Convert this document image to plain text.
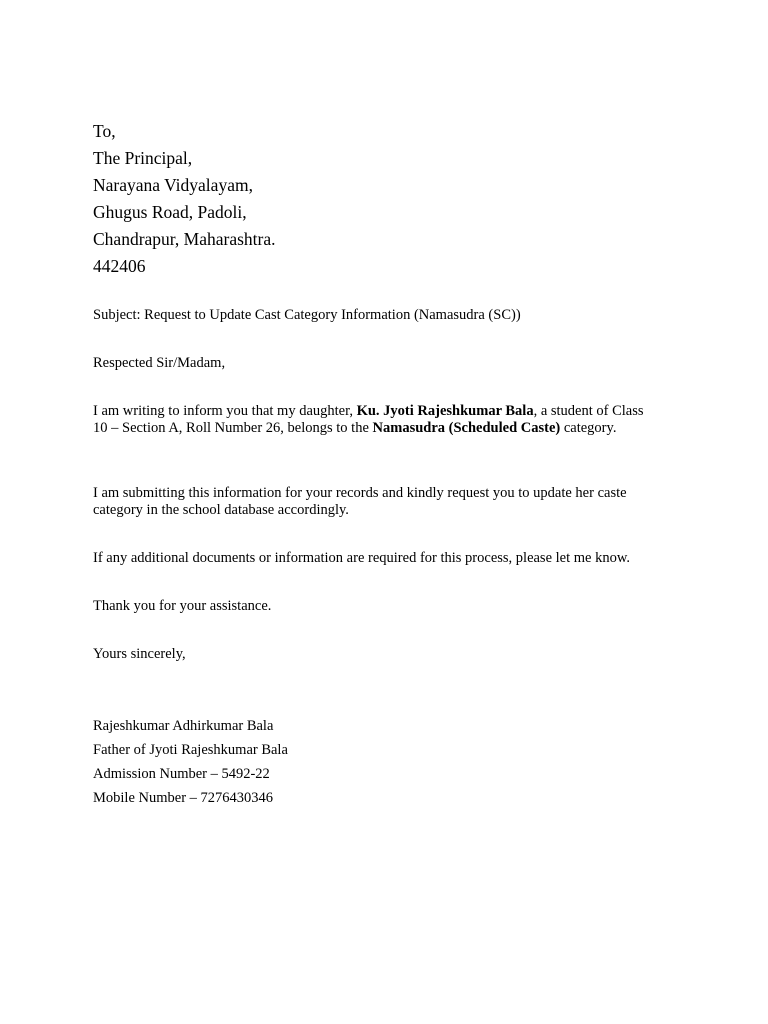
To,
The Principal,
Narayana Vidyalayam,
Ghugus Road, Padoli,
Chandrapur, Maharashtra.
442406
Subject: Request to Update Cast Category Information (Namasudra (SC))
Respected Sir/Madam,
I am writing to inform you that my daughter, Ku. Jyoti Rajeshkumar Bala, a student of Class 10 – Section A, Roll Number 26, belongs to the Namasudra (Scheduled Caste) category.
I am submitting this information for your records and kindly request you to update her caste category in the school database accordingly.
If any additional documents or information are required for this process, please let me know.
Thank you for your assistance.
Yours sincerely,
Rajeshkumar Adhirkumar Bala
Father of Jyoti Rajeshkumar Bala
Admission Number – 5492-22
Mobile Number – 7276430346
